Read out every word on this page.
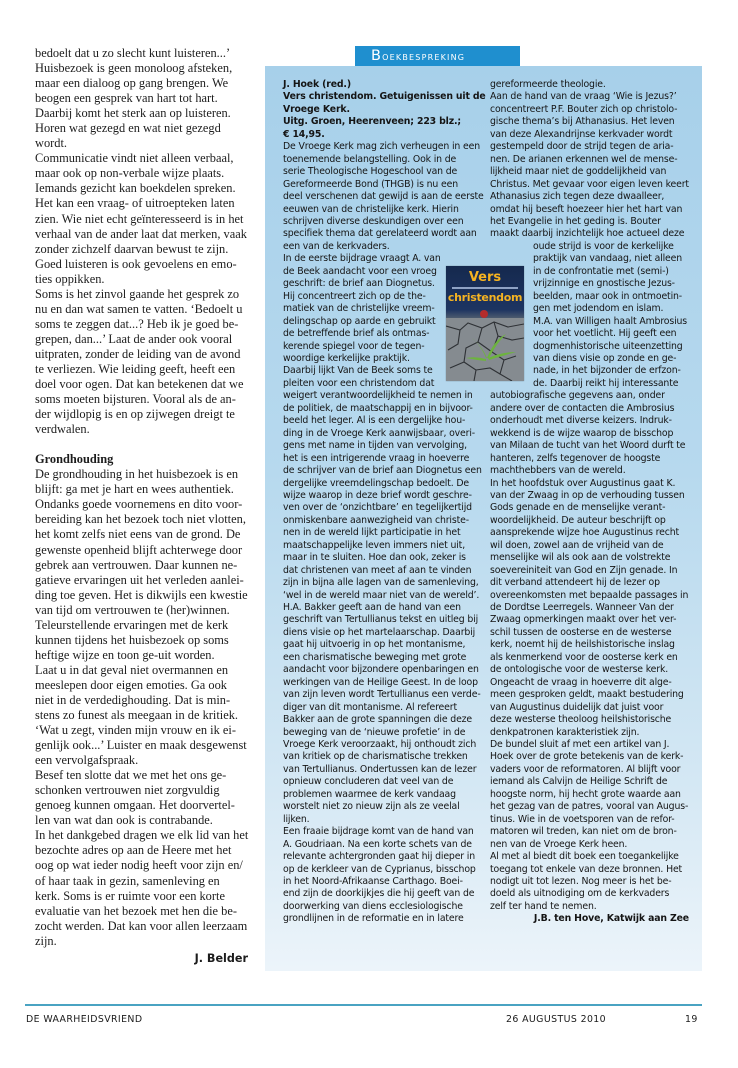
bedoelt dat u zo slecht kunt luisteren...’

Huisbezoek is geen monoloog afsteken,

maar een dialoog op gang brengen. We

beogen een gesprek van hart tot hart.

Daarbij komt het sterk aan op luisteren.

Horen wat gezegd en wat niet gezegd

wordt.

Communicatie vindt niet alleen verbaal,

maar ook op non-verbale wijze plaats.

Iemands gezicht kan boekdelen spreken.

Het kan een vraag- of uitroepteken laten

zien. Wie niet echt geïnteresseerd is in het

verhaal van de ander laat dat merken, vaak

zonder zichzelf daarvan bewust te zijn.

Goed luisteren is ook gevoelens en emo-

ties oppikken.

Soms is het zinvol gaande het gesprek zo

nu en dan wat samen te vatten. ‘Bedoelt u

soms te zeggen dat...? Heb ik je goed be-

grepen, dan...’ Laat de ander ook vooral

uitpraten, zonder de leiding van de avond

te verliezen. Wie leiding geeft, heeft een

doel voor ogen. Dat kan betekenen dat we

soms moeten bijsturen. Vooral als de an-

der wijdlopig is en op zijwegen dreigt te

verdwalen.

Grondhouding

De grondhouding in het huisbezoek is en

blijft: ga met je hart en wees authentiek.

Ondanks goede voornemens en dito voor-

bereiding kan het bezoek toch niet vlotten,

het komt zelfs niet eens van de grond. De

gewenste openheid blijft achterwege door

gebrek aan vertrouwen. Daar kunnen ne-

gatieve ervaringen uit het verleden aanlei-

ding toe geven. Het is dikwijls een kwestie

van tijd om vertrouwen te (her)winnen.

Teleurstellende ervaringen met de kerk

kunnen tijdens het huisbezoek op soms

heftige wijze en toon ge-uit worden.

Laat u in dat geval niet overmannen en

meeslepen door eigen emoties. Ga ook

niet in de verdedighouding. Dat is min-

stens zo funest als meegaan in de kritiek.

‘Wat u zegt, vinden mijn vrouw en ik ei-

genlijk ook...’ Luister en maak desgewenst

een vervolgafspraak.

Besef ten slotte dat we met het ons ge-

schonken vertrouwen niet zorgvuldig

genoeg kunnen omgaan. Het doorvertel-

len van wat dan ook is contrabande.

In het dankgebed dragen we elk lid van het

bezochte adres op aan de Heere met het

oog op wat ieder nodig heeft voor zijn en/

of haar taak in gezin, samenleving en

kerk. Soms is er ruimte voor een korte

evaluatie van het bezoek met hen die be-

zocht werden. Dat kan voor allen leerzaam

zijn.

J. Belder

Boekbespreking

J. Hoek (red.)

Vers christendom. Getuigenissen uit de

Vroege Kerk.

Uitg. Groen, Heerenveen; 223 blz.;

€ 14,95.

De Vroege Kerk mag zich verheugen in een

toenemende belangstelling. Ook in de

serie Theologische Hogeschool van de

Gereformeerde Bond (THGB) is nu een

deel verschenen dat gewijd is aan de eerste

eeuwen van de christelijke kerk. Hierin

schrijven diverse deskundigen over een

specifiek thema dat gerelateerd wordt aan

een van de kerkvaders.

In de eerste bijdrage vraagt A. van

de Beek aandacht voor een vroeg

geschrift: de brief aan Diognetus.

Hij concentreert zich op de the-

matiek van de christelijke vreem-

delingschap op aarde en gebruikt

de betreffende brief als ontmas-

kerende spiegel voor de tegen-

woordige kerkelijke praktijk.

Daarbij lijkt Van de Beek soms te

pleiten voor een christendom dat

weigert verantwoordelijkheid te nemen in

de politiek, de maatschappij en in bijvoor-

beeld het leger. Al is een dergelijke hou-

ding in de Vroege Kerk aanwijsbaar, overi-

gens met name in tijden van vervolging,

het is een intrigerende vraag in hoeverre

de schrijver van de brief aan Diognetus een

dergelijke vreemdelingschap bedoelt. De

wijze waarop in deze brief wordt geschre-

ven over de ‘onzichtbare’ en tegelijkertijd

onmiskenbare aanwezigheid van christe-

nen in de wereld lijkt participatie in het

maatschappelijke leven immers niet uit,

maar in te sluiten. Hoe dan ook, zeker is

dat christenen van meet af aan te vinden

zijn in bijna alle lagen van de samenleving,

‘wel in de wereld maar niet van de wereld’.

H.A. Bakker geeft aan de hand van een

geschrift van Tertullianus tekst en uitleg bij

diens visie op het martelaarschap. Daarbij

gaat hij uitvoerig in op het montanisme,

een charismatische beweging met grote

aandacht voor bijzondere openbaringen en

werkingen van de Heilige Geest. In de loop

van zijn leven wordt Tertullianus een verde-

diger van dit montanisme. Al refereert

Bakker aan de grote spanningen die deze

beweging van de ‘nieuwe profetie’ in de

Vroege Kerk veroorzaakt, hij onthoudt zich

van kritiek op de charismatische trekken

van Tertullianus. Ondertussen kan de lezer

opnieuw concluderen dat veel van de

problemen waarmee de kerk vandaag

worstelt niet zo nieuw zijn als ze veelal

lijken.

Een fraaie bijdrage komt van de hand van

A. Goudriaan. Na een korte schets van de

relevante achtergronden gaat hij dieper in

op de kerkleer van de Cyprianus, bisschop

in het Noord-Afrikaanse Carthago. Boei-

end zijn de doorkijkjes die hij geeft van de

doorwerking van diens ecclesiologische

grondlijnen in de reformatie en in latere

gereformeerde theologie.

Aan de hand van de vraag ‘Wie is Jezus?’

concentreert P.F. Bouter zich op christolo-

gische thema’s bij Athanasius. Het leven

van deze Alexandrijnse kerkvader wordt

gestempeld door de strijd tegen de aria-

nen. De arianen erkennen wel de mense-

lijkheid maar niet de goddelijkheid van

Christus. Met gevaar voor eigen leven keert

Athanasius zich tegen deze dwaalleer,

omdat hij beseft hoezeer hier het hart van

het Evangelie in het geding is. Bouter

maakt daarbij inzichtelijk hoe actueel deze

oude strijd is voor de kerkelijke

praktijk van vandaag, niet alleen

in de confrontatie met (semi-)

vrijzinnige en gnostische Jezus-

beelden, maar ook in ontmoetin-

gen met jodendom en islam.

M.A. van Willigen haalt Ambrosius

voor het voetlicht. Hij geeft een

dogmenhistorische uiteenzetting

van diens visie op zonde en ge-

nade, in het bijzonder de erfzon-

de. Daarbij reikt hij interessante

autobiografische gegevens aan, onder

andere over de contacten die Ambrosius

onderhoudt met diverse keizers. Indruk-

wekkend is de wijze waarop de bisschop

van Milaan de tucht van het Woord durft te

hanteren, zelfs tegenover de hoogste

machthebbers van de wereld.

In het hoofdstuk over Augustinus gaat K.

van der Zwaag in op de verhouding tussen

Gods genade en de menselijke verant-

woordelijkheid. De auteur beschrijft op

aansprekende wijze hoe Augustinus recht

wil doen, zowel aan de vrijheid van de

menselijke wil als ook aan de volstrekte

soevereiniteit van God en Zijn genade. In

dit verband attendeert hij de lezer op

overeenkomsten met bepaalde passages in

de Dordtse Leerregels. Wanneer Van der

Zwaag opmerkingen maakt over het ver-

schil tussen de oosterse en de westerse

kerk, noemt hij de heilshistorische inslag

als kenmerkend voor de oosterse kerk en

de ontologische voor de westerse kerk.

Ongeacht de vraag in hoeverre dit alge-

meen gesproken geldt, maakt bestudering

van Augustinus duidelijk dat juist voor

deze westerse theoloog heilshistorische

denkpatronen karakteristiek zijn.

De bundel sluit af met een artikel van J.

Hoek over de grote betekenis van de kerk-

vaders voor de reformatoren. Al blijft voor

iemand als Calvijn de Heilige Schrift de

hoogste norm, hij hecht grote waarde aan

het gezag van de patres, vooral van Augus-

tinus. Wie in de voetsporen van de refor-

matoren wil treden, kan niet om de bron-

nen van de Vroege Kerk heen.

Al met al biedt dit boek een toegankelijke

toegang tot enkele van deze bronnen. Het

nodigt uit tot lezen. Nog meer is het be-

doeld als uitnodiging om de kerkvaders

zelf ter hand te nemen.

J.B. ten Hove, Katwijk aan Zee

Vers
christendom
DE WAARHEIDSVRIEND	26 AUGUSTUS 2010	19
